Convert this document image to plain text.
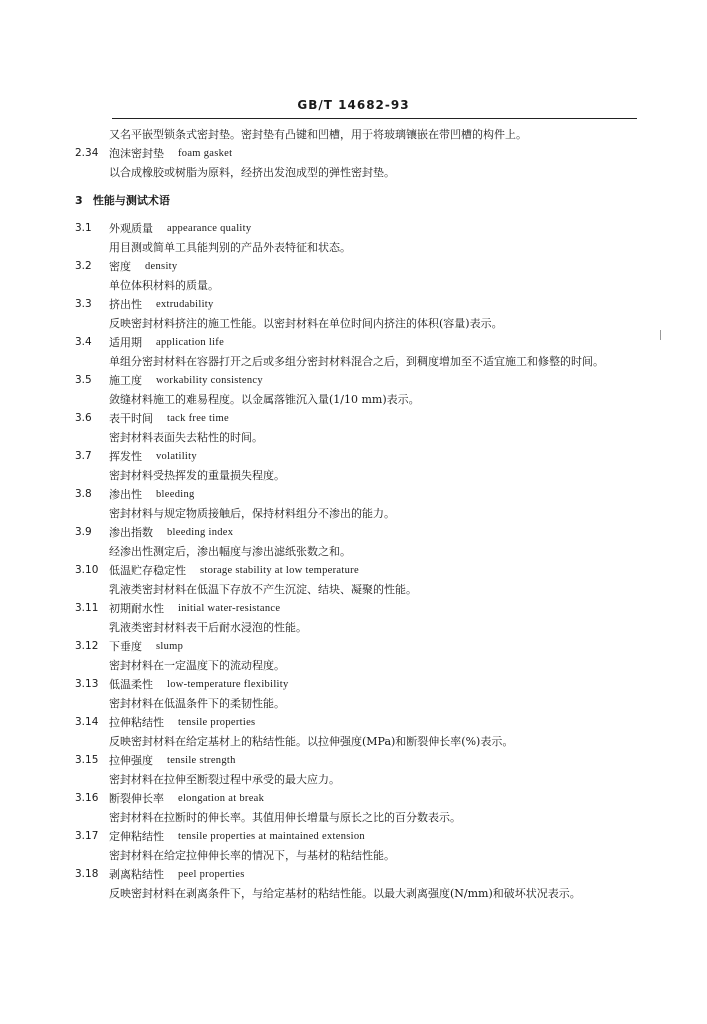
GB/T 14682-93
又名平嵌型锁条式密封垫。密封垫有凸键和凹槽，用于将玻璃镶嵌在带凹槽的构件上。
2.34 泡沫密封垫 foam gasket
以合成橡胶或树脂为原料，经挤出发泡成型的弹性密封垫。
3 性能与测试术语
3.1	外观质量 appearance quality
用目测或简单工具能判别的产品外表特征和状态。
3.2	密度 density
单位体积材料的质量。
3.3	挤出性 extrudability
反映密封材料挤注的施工性能。以密封材料在单位时间内挤注的体积(容量)表示。
3.4	适用期 application life
单组分密封材料在容器打开之后或多组分密封材料混合之后，到稠度增加至不适宜施工和修整的时间。
3.5	施工度 workability consistency
敛缝材料施工的难易程度。以金属落锥沉入量(1/10 mm)表示。
3.6	表干时间 tack free time
密封材料表面失去粘性的时间。
3.7	挥发性 volatility
密封材料受热挥发的重量损失程度。
3.8	渗出性 bleeding
密封材料与规定物质接触后，保持材料组分不渗出的能力。
3.9	渗出指数 bleeding index
经渗出性测定后，渗出幅度与渗出滤纸张数之和。
3.10 低温贮存稳定性 storage stability at low temperature
乳液类密封材料在低温下存放不产生沉淀、结块、凝聚的性能。
3.11 初期耐水性 initial water-resistance
乳液类密封材料表干后耐水浸泡的性能。
3.12 下垂度 slump
密封材料在一定温度下的流动程度。
3.13 低温柔性 low-temperature flexibility
密封材料在低温条件下的柔韧性能。
3.14 拉伸粘结性 tensile properties
反映密封材料在给定基材上的粘结性能。以拉伸强度(MPa)和断裂伸长率(%)表示。
3.15 拉伸强度 tensile strength
密封材料在拉伸至断裂过程中承受的最大应力。
3.16 断裂伸长率 elongation at break
密封材料在拉断时的伸长率。其值用伸长增量与原长之比的百分数表示。
3.17 定伸粘结性 tensile properties at maintained extension
密封材料在给定拉伸伸长率的情况下，与基材的粘结性能。
3.18 剥离粘结性 peel properties
反映密封材料在剥离条件下，与给定基材的粘结性能。以最大剥离强度(N/mm)和破坏状况表示。
